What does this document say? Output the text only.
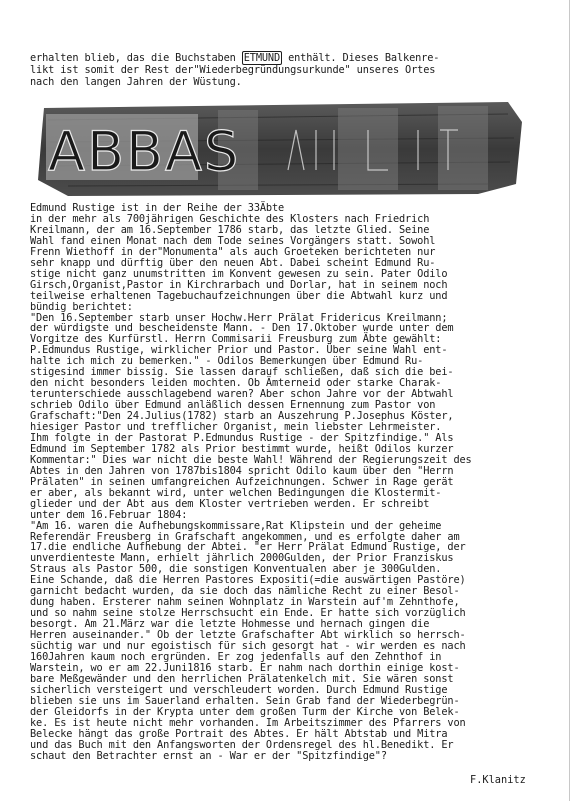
erhalten blieb, das die Buchstaben ETMUND enthält. Dieses Balkenre-
likt ist somit der Rest der"Wiederbegründungsurkunde" unseres Ortes
nach den langen Jahren der Wüstung.
ABBAS
Edmund Rustige ist in der Reihe der 33Äbte
in der mehr als 700jährigen Geschichte des Klosters nach Friedrich
Kreilmann, der am 16.September 1786 starb, das letzte Glied. Seine
Wahl fand einen Monat nach dem Tode seines Vorgängers statt. Sowohl
Frenn Wiethoff in der"Monumenta" als auch Groeteken berichteten nur
sehr knapp und dürftig über den neuen Abt. Dabei scheint Edmund Ru-
stige nicht ganz unumstritten im Konvent gewesen zu sein. Pater Odilo
Girsch,Organist,Pastor in Kirchrarbach und Dorlar, hat in seinem noch
teilweise erhaltenen Tagebuchaufzeichnungen über die Abtwahl kurz und
bündig berichtet:
"Den 16.September starb unser Hochw.Herr Prälat Fridericus Kreilmann;
der würdigste und bescheidenste Mann. - Den 17.Oktober wurde unter dem
Vorgitze des Kurfürstl. Herrn Commisarii Freusburg zum Äbte gewählt:
P.Edmundus Rustige, wirklicher Prior und Pastor. Über seine Wahl ent-
halte ich mich zu bemerken." - Odilos Bemerkungen über Edmund Ru-
stigesind immer bissig. Sie lassen darauf schließen, daß sich die bei-
den nicht besonders leiden mochten. Ob Ämterneid oder starke Charak-
terunterschiede ausschlagebend waren? Aber schon Jahre vor der Abtwahl
schrieb Odilo über Edmund anläßlich dessen Ernennung zum Pastor von
Grafschaft:"Den 24.Julius(1782) starb an Auszehrung P.Josephus Köster,
hiesiger Pastor und trefflicher Organist, mein liebster Lehrmeister.
Ihm folgte in der Pastorat P.Edmundus Rustige - der Spitzfindige." Als
Edmund im September 1782 als Prior bestimmt wurde, heißt Odilos kurzer
Kommentar:" Dies war nicht die beste Wahl! Während der Regierungszeit des
Abtes in den Jahren von 1787bis1804 spricht Odilo kaum über den "Herrn
Prälaten" in seinen umfangreichen Aufzeichnungen. Schwer in Rage gerät
er aber, als bekannt wird, unter welchen Bedingungen die Klostermit-
glieder und der Abt aus dem Kloster vertrieben werden. Er schreibt
unter dem 16.Februar 1804:
"Am 16. waren die Aufhebungskommissare,Rat Klipstein und der geheime
Referendär Freusberg in Grafschaft angekommen, und es erfolgte daher am
17.die endliche Aufhebung der Abtei. "er Herr Prälat Edmund Rustige, der
unverdienteste Mann, erhielt jährlich 2000Gulden, der Prior Franziskus
Straus als Pastor 500, die sonstigen Konventualen aber je 300Gulden.
Eine Schande, daß die Herren Pastores Expositi(=die auswärtigen Pastöre)
garnicht bedacht wurden, da sie doch das nämliche Recht zu einer Besol-
dung haben. Ersterer nahm seinen Wohnplatz in Warstein auf'm Zehnthofe,
und so nahm seine stolze Herrschsucht ein Ende. Er hatte sich vorzüglich
besorgt. Am 21.März war die letzte Hohmesse und hernach gingen die
Herren auseinander." Ob der letzte Grafschafter Abt wirklich so herrsch-
süchtig war und nur egoistisch für sich gesorgt hat - wir werden es nach
160Jahren kaum noch ergründen. Er zog jedenfalls auf den Zehnthof in
Warstein, wo er am 22.Juni1816 starb. Er nahm nach dorthin einige kost-
bare Meßgewänder und den herrlichen Prälatenkelch mit. Sie wären sonst
sicherlich versteigert und verschleudert worden. Durch Edmund Rustige
blieben sie uns im Sauerland erhalten. Sein Grab fand der Wiederbegrün-
der Gleidorfs in der Krypta unter dem großen Turm der Kirche von Belek-
ke. Es ist heute nicht mehr vorhanden. Im Arbeitszimmer des Pfarrers von
Belecke hängt das große Portrait des Abtes. Er hält Abtstab und Mitra
und das Buch mit den Anfangsworten der Ordensregel des hl.Benedikt. Er
schaut den Betrachter ernst an - War er der "Spitzfindige"?
F.Klanitz
